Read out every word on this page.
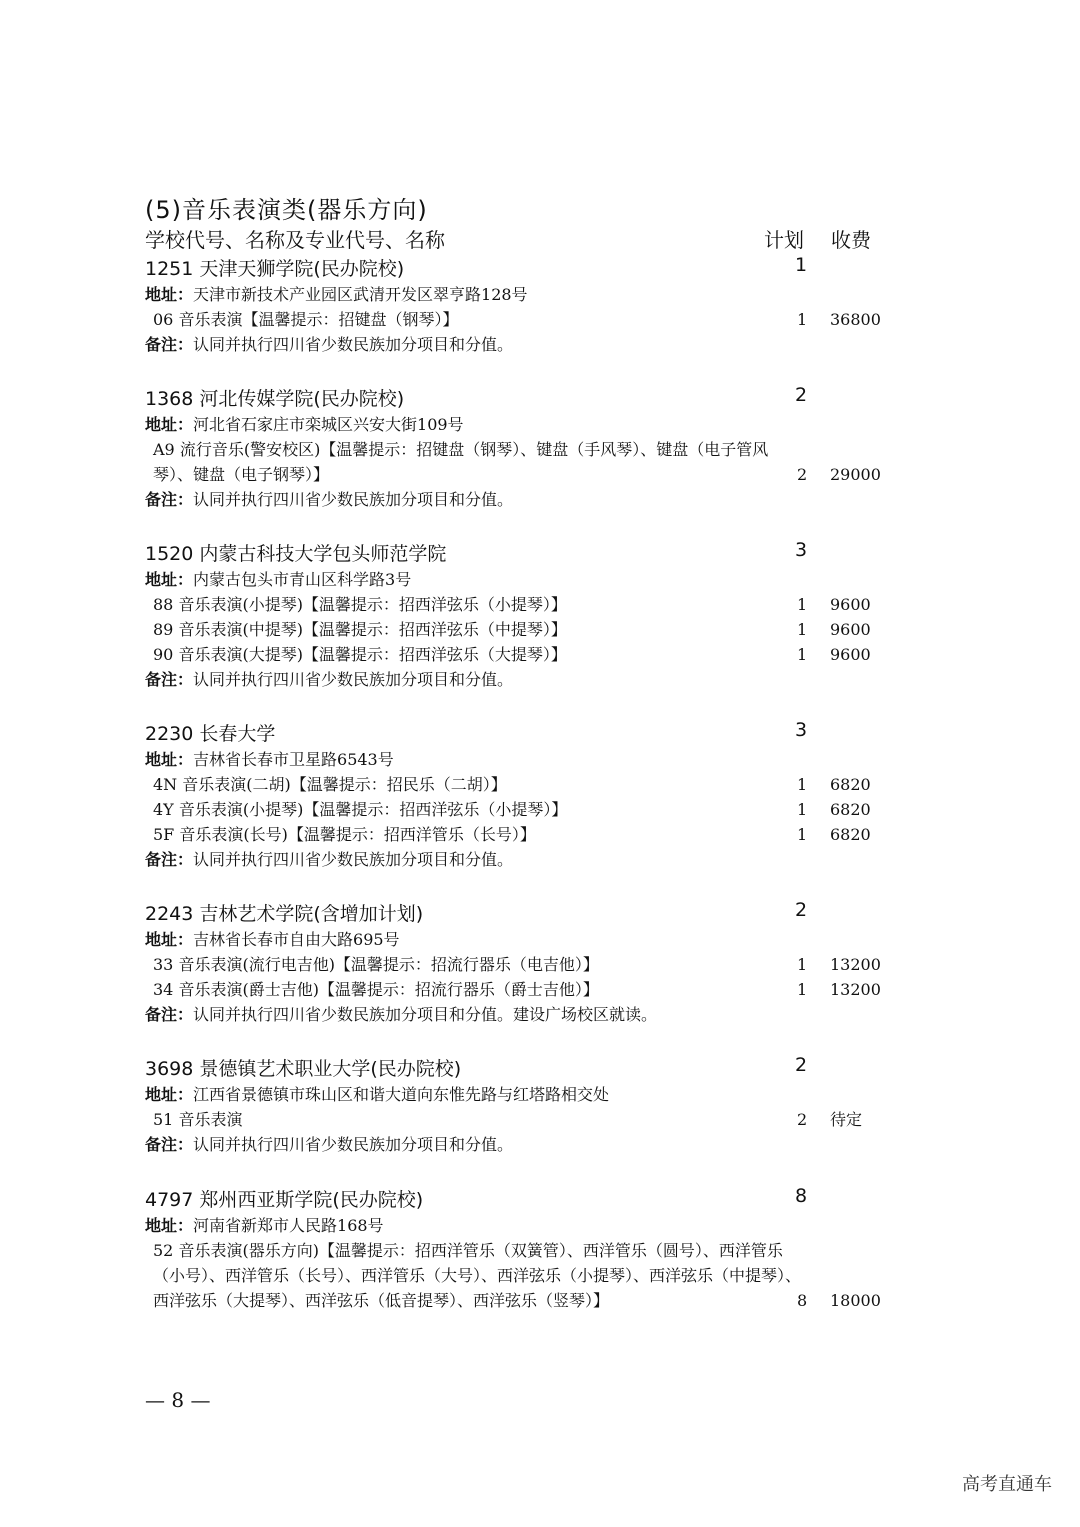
(5)音乐表演类(器乐方向)
学校代号、名称及专业代号、名称	计划 收费
1251 天津天狮学院(民办院校)	1
地址：天津市新技术产业园区武清开发区翠亨路128号
06 音乐表演【温馨提示：招键盘（钢琴）】	1 36800
备注：认同并执行四川省少数民族加分项目和分值。
1368 河北传媒学院(民办院校)	2
地址：河北省石家庄市栾城区兴安大街109号
A9 流行音乐(警安校区)【温馨提示：招键盘（钢琴）、键盘（手风琴）、键盘（电子管风琴）、键盘（电子钢琴）】	2 29000
备注：认同并执行四川省少数民族加分项目和分值。
1520 内蒙古科技大学包头师范学院	3
地址：内蒙古包头市青山区科学路3号
88 音乐表演(小提琴)【温馨提示：招西洋弦乐（小提琴）】	1 9600
89 音乐表演(中提琴)【温馨提示：招西洋弦乐（中提琴）】	1 9600
90 音乐表演(大提琴)【温馨提示：招西洋弦乐（大提琴）】	1 9600
备注：认同并执行四川省少数民族加分项目和分值。
2230 长春大学	3
地址：吉林省长春市卫星路6543号
4N 音乐表演(二胡)【温馨提示：招民乐（二胡）】	1 6820
4Y 音乐表演(小提琴)【温馨提示：招西洋弦乐（小提琴）】	1 6820
5F 音乐表演(长号)【温馨提示：招西洋管乐（长号）】	1 6820
备注：认同并执行四川省少数民族加分项目和分值。
2243 吉林艺术学院(含增加计划)	2
地址：吉林省长春市自由大路695号
33 音乐表演(流行电吉他)【温馨提示：招流行器乐（电吉他）】	1 13200
34 音乐表演(爵士吉他)【温馨提示：招流行器乐（爵士吉他）】	1 13200
备注：认同并执行四川省少数民族加分项目和分值。建设广场校区就读。
3698 景德镇艺术职业大学(民办院校)	2
地址：江西省景德镇市珠山区和谐大道向东惟先路与红塔路相交处
51 音乐表演	2 待定
备注：认同并执行四川省少数民族加分项目和分值。
4797 郑州西亚斯学院(民办院校)	8
地址：河南省新郑市人民路168号
52 音乐表演(器乐方向)【温馨提示：招西洋管乐（双簧管）、西洋管乐（圆号）、西洋管乐（小号）、西洋管乐（长号）、西洋管乐（大号）、西洋弦乐（小提琴）、西洋弦乐（中提琴）、西洋弦乐（大提琴）、西洋弦乐（低音提琴）、西洋弦乐（竖琴）】	8 18000
— 8 —
高考直通车
